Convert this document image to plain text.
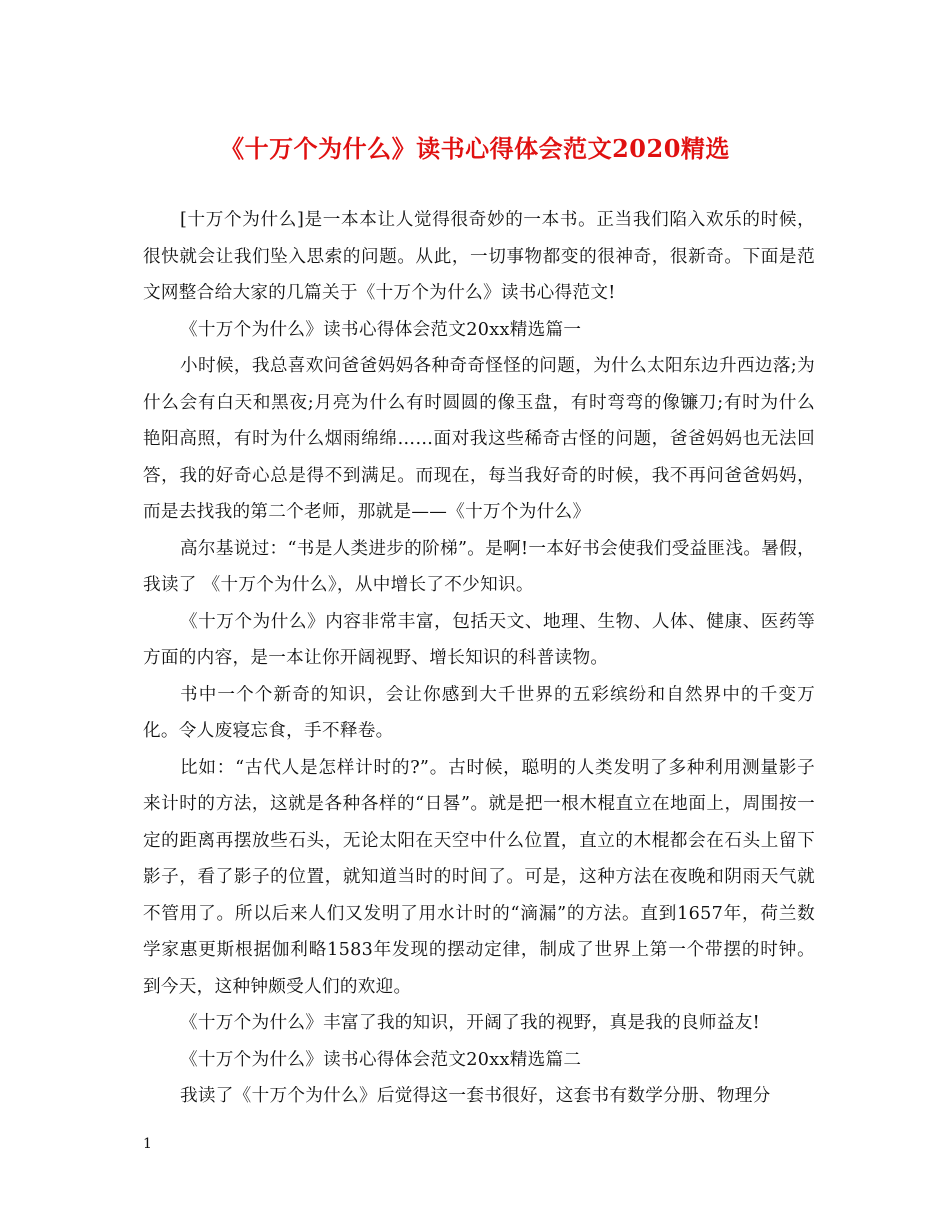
《十万个为什么》读书心得体会范文2020精选

[十万个为什么]是一本本让人觉得很奇妙的一本书。正当我们陷入欢乐的时候，很快就会让我们坠入思索的问题。从此，一切事物都变的很神奇，很新奇。下面是范文网整合给大家的几篇关于《十万个为什么》读书心得范文!

《十万个为什么》读书心得体会范文20xx精选篇一

小时候，我总喜欢问爸爸妈妈各种奇奇怪怪的问题，为什么太阳东边升西边落;为什么会有白天和黑夜;月亮为什么有时圆圆的像玉盘，有时弯弯的像镰刀;有时为什么艳阳高照，有时为什么烟雨绵绵……面对我这些稀奇古怪的问题，爸爸妈妈也无法回答，我的好奇心总是得不到满足。而现在，每当我好奇的时候，我不再问爸爸妈妈，而是去找我的第二个老师，那就是——《十万个为什么》

高尔基说过：“书是人类进步的阶梯”。是啊!一本好书会使我们受益匪浅。暑假，我读了 《十万个为什么》，从中增长了不少知识。

《十万个为什么》内容非常丰富，包括天文、地理、生物、人体、健康、医药等方面的内容，是一本让你开阔视野、增长知识的科普读物。

书中一个个新奇的知识，会让你感到大千世界的五彩缤纷和自然界中的千变万化。令人废寝忘食，手不释卷。

比如：“古代人是怎样计时的?”。古时候，聪明的人类发明了多种利用测量影子来计时的方法，这就是各种各样的“日晷”。就是把一根木棍直立在地面上，周围按一定的距离再摆放些石头，无论太阳在天空中什么位置，直立的木棍都会在石头上留下影子，看了影子的位置，就知道当时的时间了。可是，这种方法在夜晚和阴雨天气就不管用了。所以后来人们又发明了用水计时的“滴漏”的方法。直到1657年，荷兰数学家惠更斯根据伽利略1583年发现的摆动定律，制成了世界上第一个带摆的时钟。到今天，这种钟颇受人们的欢迎。

《十万个为什么》丰富了我的知识，开阔了我的视野，真是我的良师益友!

《十万个为什么》读书心得体会范文20xx精选篇二

我读了《十万个为什么》后觉得这一套书很好，这套书有数学分册、物理分

1
